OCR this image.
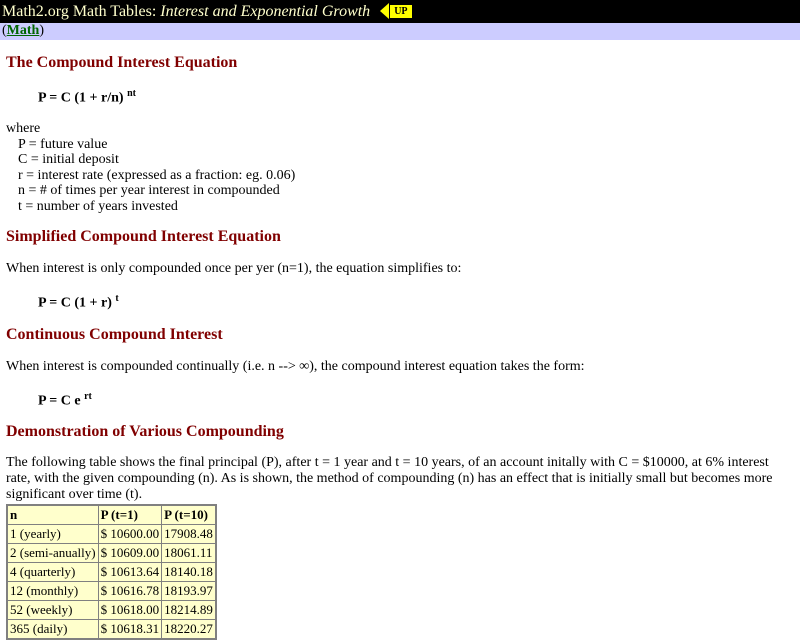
Math2.org Math Tables: Interest and Exponential Growth UP
(Math)
The Compound Interest Equation
P = C (1 + r/n) $^{nt}$

where

P = future value
C = initial deposit
r = interest rate (expressed as a fraction: eg. 0.06)
n = # of times per year interest in compounded
t = number of years invested
Simplified Compound Interest Equation

When interest is only compounded once per yer (n=1), the equation simplifies to:

P = C (1 + r) $^t$
Continuous Compound Interest

When interest is compounded continually (i.e. n --> ∞), the compound interest equation takes the form:

P = C e $^{rt}$
Demonstration of Various Compounding

The following table shows the final principal (P), after t = 1 year and t = 10 years, of an account initally with C = $10000, at 6% interest rate, with the given compounding (n). As is shown, the method of compounding (n) has an effect that is initially small but becomes more significant over time (t).

n	P (t=1)	P (t=10)
1 (yearly)	$ 10600.00	17908.48
2 (semi-anually)	$ 10609.00	18061.11
4 (quarterly)	$ 10613.64	18140.18
12 (monthly)	$ 10616.78	18193.97
52 (weekly)	$ 10618.00	18214.89
365 (daily)	$ 10618.31	18220.27
